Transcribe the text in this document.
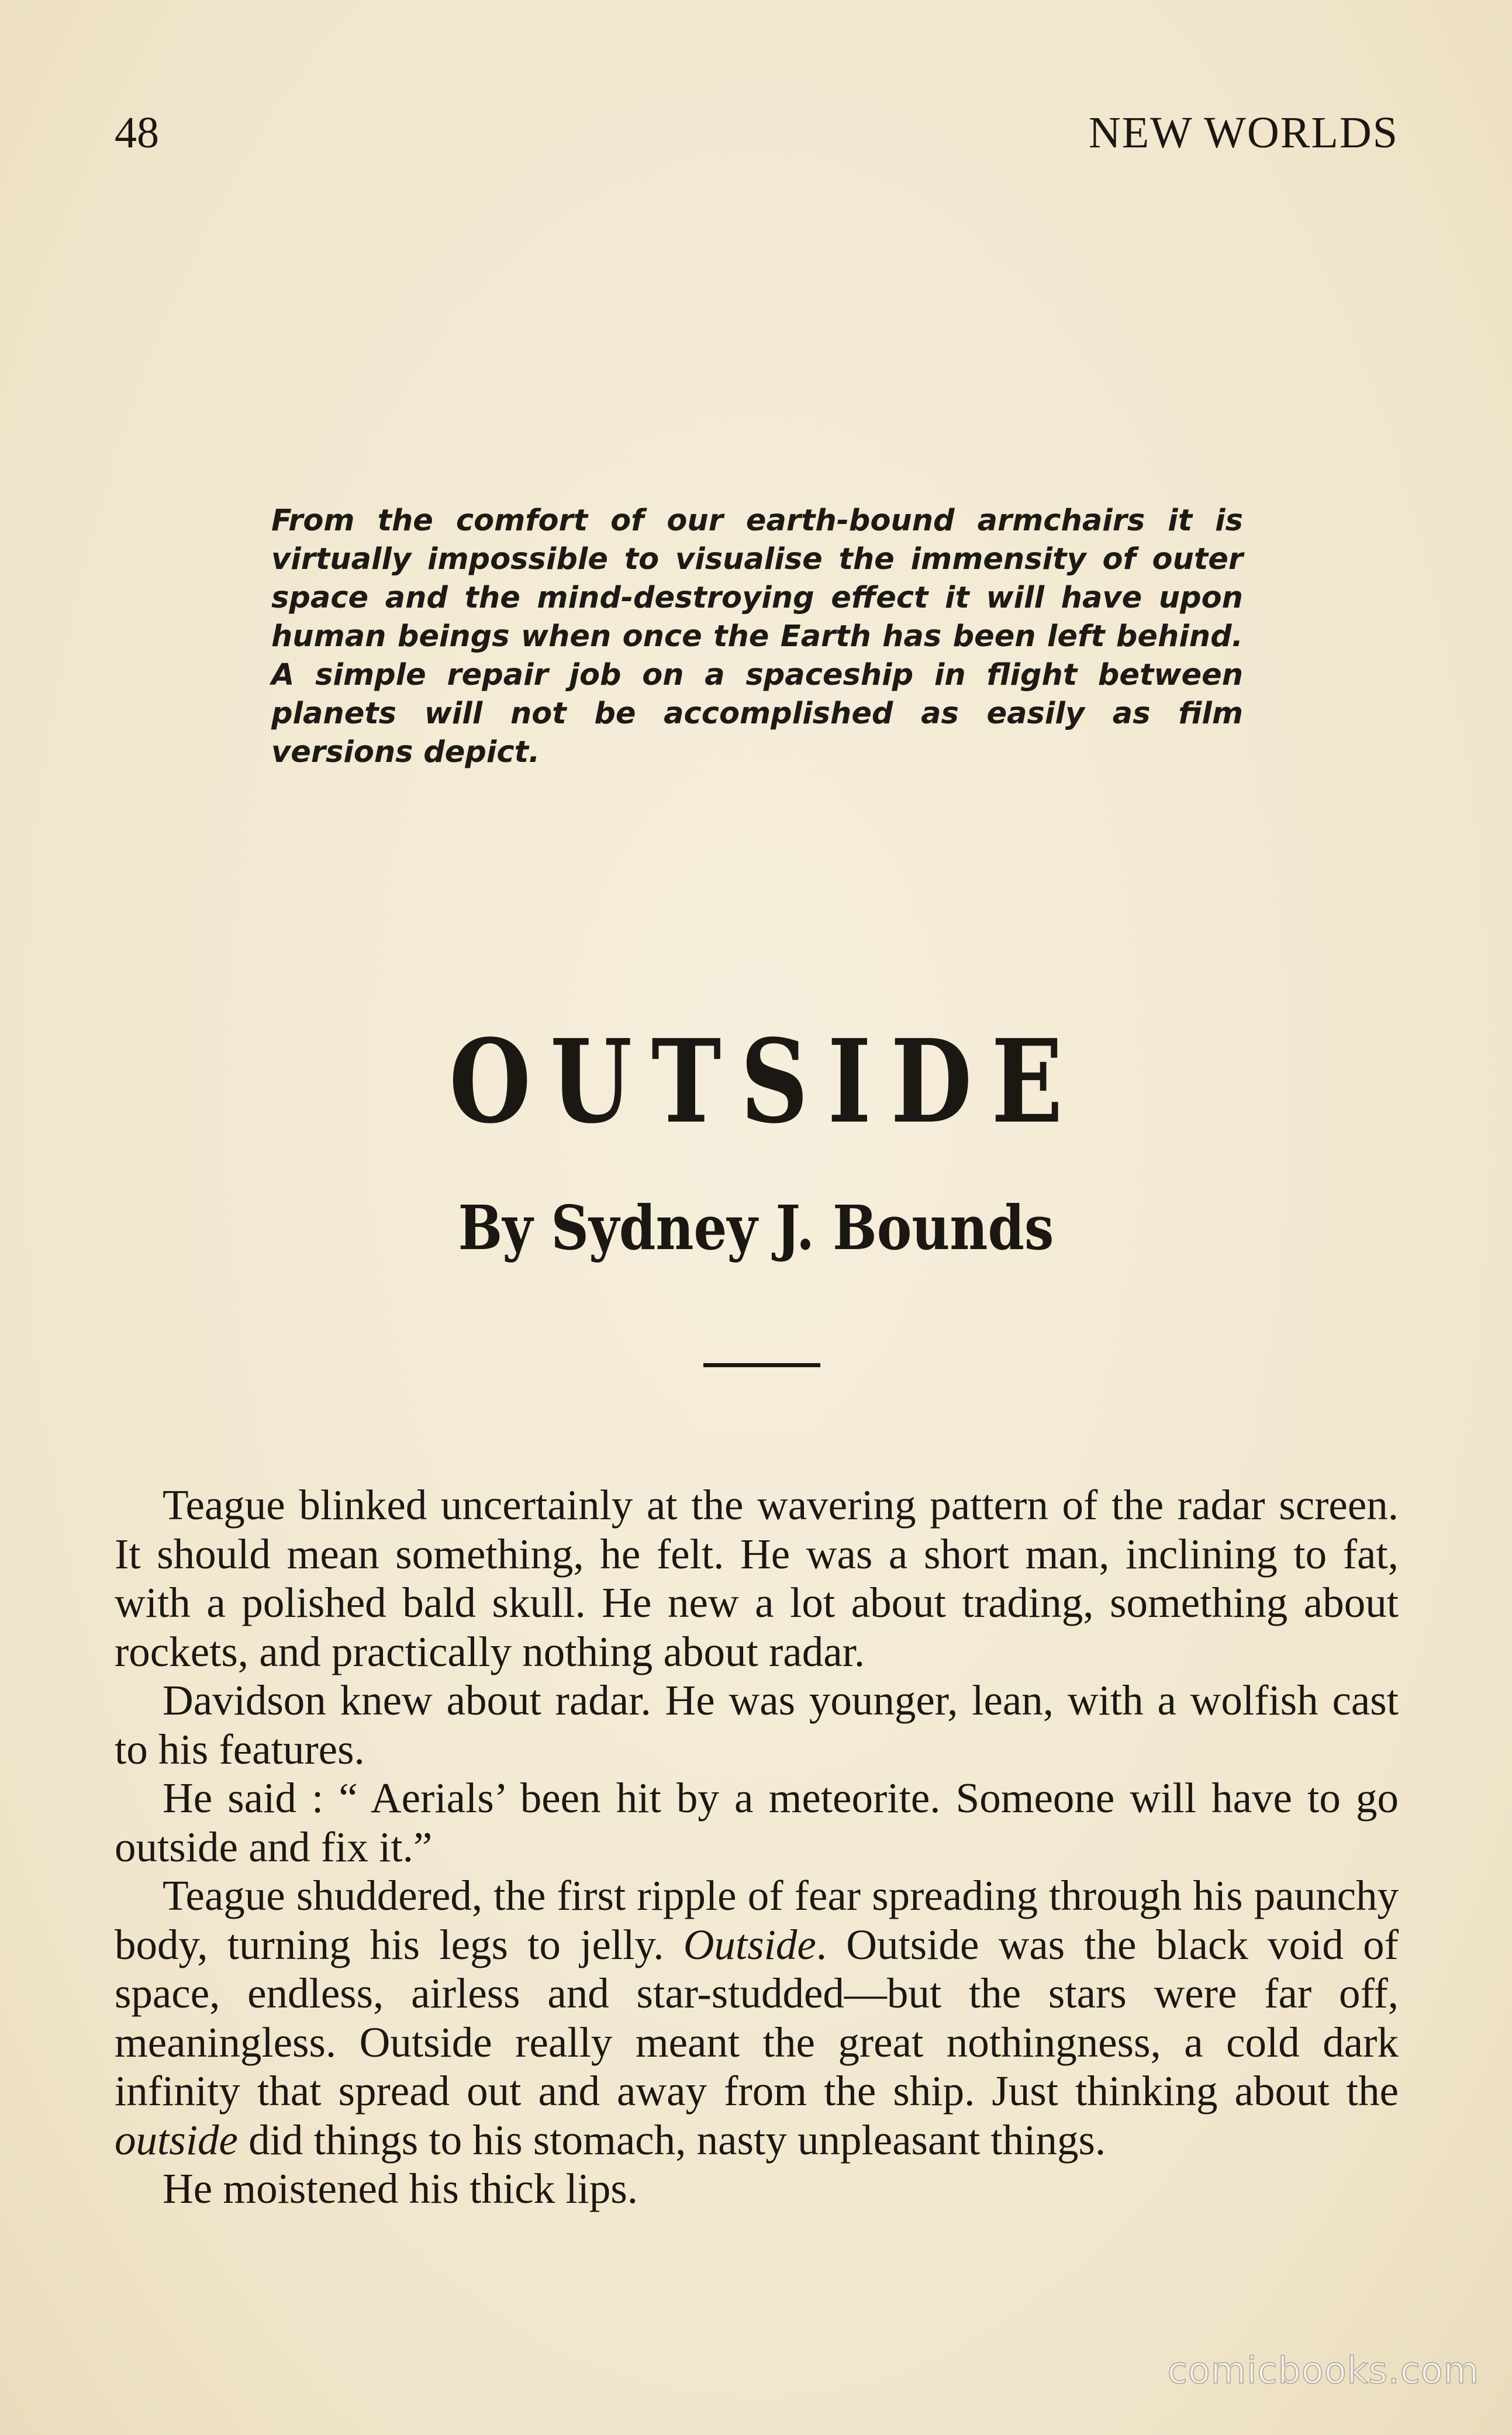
48	NEW WORLDS
From the comfort of our earth-bound armchairs it is virtually impossible to visualise the immensity of outer space and the mind-destroying effect it will have upon human beings when once the Earth has been left behind. A simple repair job on a spaceship in flight between planets will not be accomplished as easily as film versions depict.
OUTSIDE
By Sydney J. Bounds

Teague blinked uncertainly at the wavering pattern of the radar screen. It should mean something, he felt. He was a short man, inclining to fat, with a polished bald skull. He new a lot about trading, something about rockets, and practically nothing about radar.

Davidson knew about radar. He was younger, lean, with a wolfish cast to his features.

He said : “ Aerials’ been hit by a meteorite. Someone will have to go outside and fix it.”

Teague shuddered, the first ripple of fear spreading through his paunchy body, turning his legs to jelly. Outside. Outside was the black void of space, endless, airless and star-studded—but the stars were far off, meaningless. Outside really meant the great nothingness, a cold dark infinity that spread out and away from the ship. Just thinking about the outside did things to his stomach, nasty unpleasant things.

He moistened his thick lips.

comicbooks.com
